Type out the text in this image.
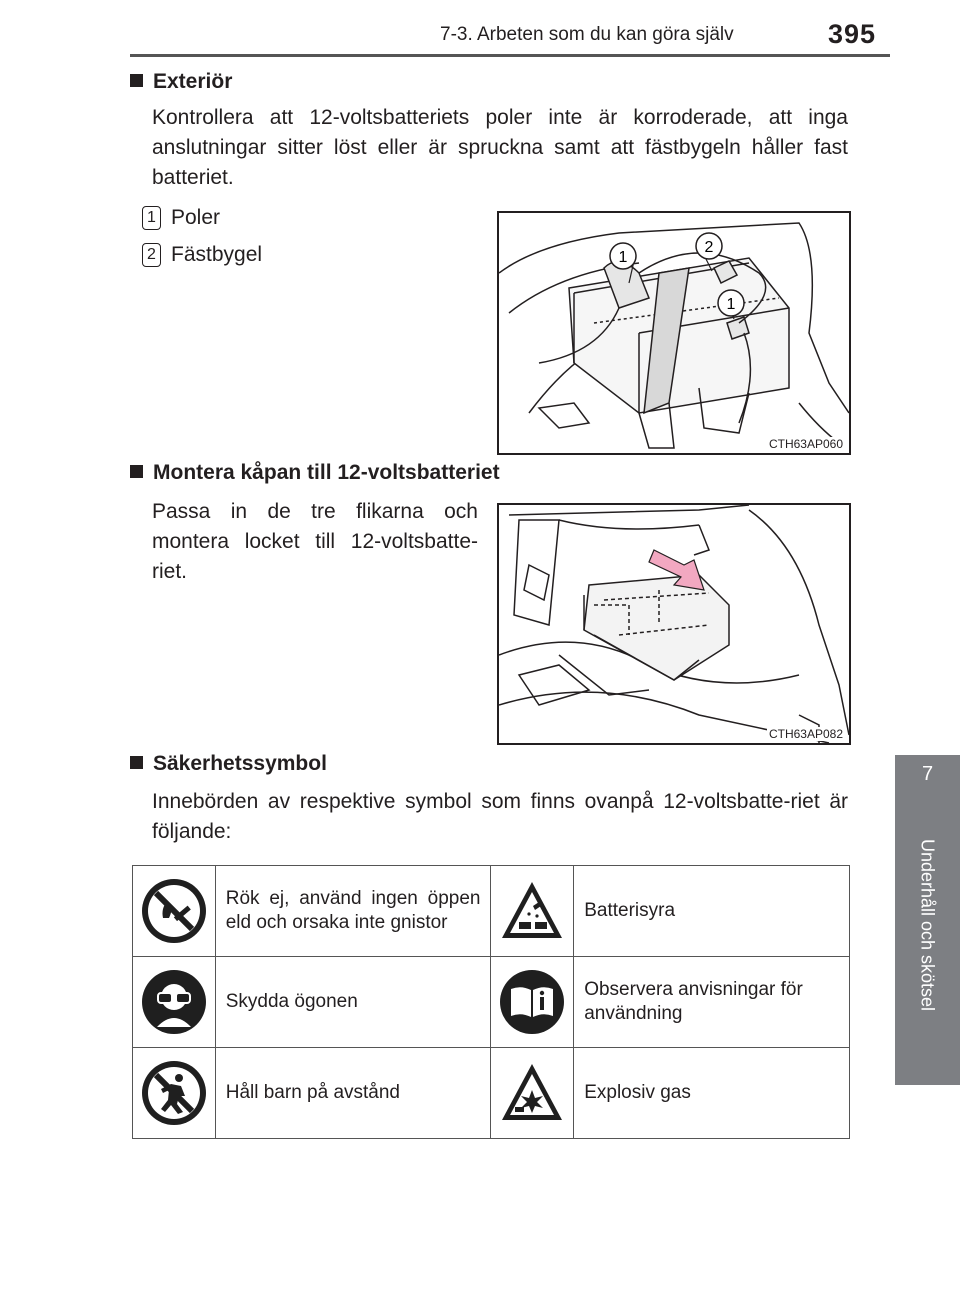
7-3. Arbeten som du kan göra själv	395
7
Underhåll och skötsel
Exteriör
Kontrollera att 12-voltsbatteriets poler inte är korroderade, att inga anslutningar sitter löst eller är spruckna samt att fästbygeln håller fast batteriet.
1 Poler
2 Fästbygel	1
2
1
CTH63AP060
Montera kåpan till 12-voltsbatteriet
Passa in de tre flikarna och montera locket till 12-voltsbatte-riet.
CTH63AP082
Säkerhetssymbol
Innebörden av respektive symbol som finns ovanpå 12-voltsbatte-riet är följande:
	Rök ej, använd ingen öppen eld och orsaka inte gnistor		Batterisyra

	Skydda ögonen		Observera anvisningar för användning

	Håll barn på avstånd		Explosiv gas
